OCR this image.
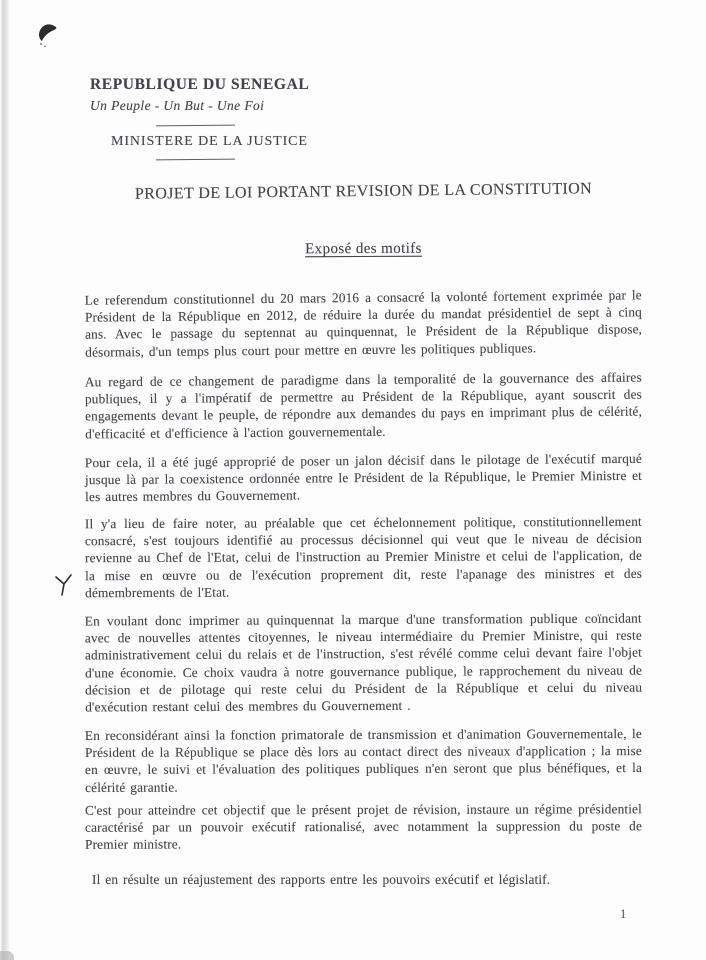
REPUBLIQUE DU SENEGAL
Un Peuple - Un But - Une Foi
MINISTERE DE LA JUSTICE
PROJET DE LOI PORTANT REVISION DE LA CONSTITUTION
Exposé des motifs
Le referendum constitutionnel du 20 mars 2016 a consacré la volonté fortement exprimée par le Président de la République en 2012, de réduire la durée du mandat présidentiel de sept à cinq ans. Avec le passage du septennat au quinquennat, le Président de la République dispose, désormais, d'un temps plus court pour mettre en œuvre les politiques publiques.
Au regard de ce changement de paradigme dans la temporalité de la gouvernance des affaires publiques, il y a l'impératif de permettre au Président de la République, ayant souscrit des engagements devant le peuple, de répondre aux demandes du pays en imprimant plus de célérité, d'efficacité et d'efficience à l'action gouvernementale.
Pour cela, il a été jugé approprié de poser un jalon décisif dans le pilotage de l'exécutif marqué jusque là par la coexistence ordonnée entre le Président de la République, le Premier Ministre et les autres membres du Gouvernement.
Il y'a lieu de faire noter, au préalable que cet échelonnement politique, constitutionnellement consacré, s'est toujours identifié au processus décisionnel qui veut que le niveau de décision revienne au Chef de l'Etat, celui de l'instruction au Premier Ministre et celui de l'application, de la mise en œuvre ou de l'exécution proprement dit, reste l'apanage des ministres et des démembrements de l'Etat.
En voulant donc imprimer au quinquennat la marque d'une transformation publique coïncidant avec de nouvelles attentes citoyennes, le niveau intermédiaire du Premier Ministre, qui reste administrativement celui du relais et de l'instruction, s'est révélé comme celui devant faire l'objet d'une économie. Ce choix vaudra à notre gouvernance publique, le rapprochement du niveau de décision et de pilotage qui reste celui du Président de la République et celui du niveau d'exécution restant celui des membres du Gouvernement .
En reconsidérant ainsi la fonction primatorale de transmission et d'animation Gouvernementale, le Président de la République se place dès lors au contact direct des niveaux d'application ; la mise en œuvre, le suivi et l'évaluation des politiques publiques n'en seront que plus bénéfiques, et la célérité garantie.
C'est pour atteindre cet objectif que le présent projet de révision, instaure un régime présidentiel caractérisé par un pouvoir exécutif rationalisé, avec notamment la suppression du poste de Premier ministre.
Il en résulte un réajustement des rapports entre les pouvoirs exécutif et législatif.
1
